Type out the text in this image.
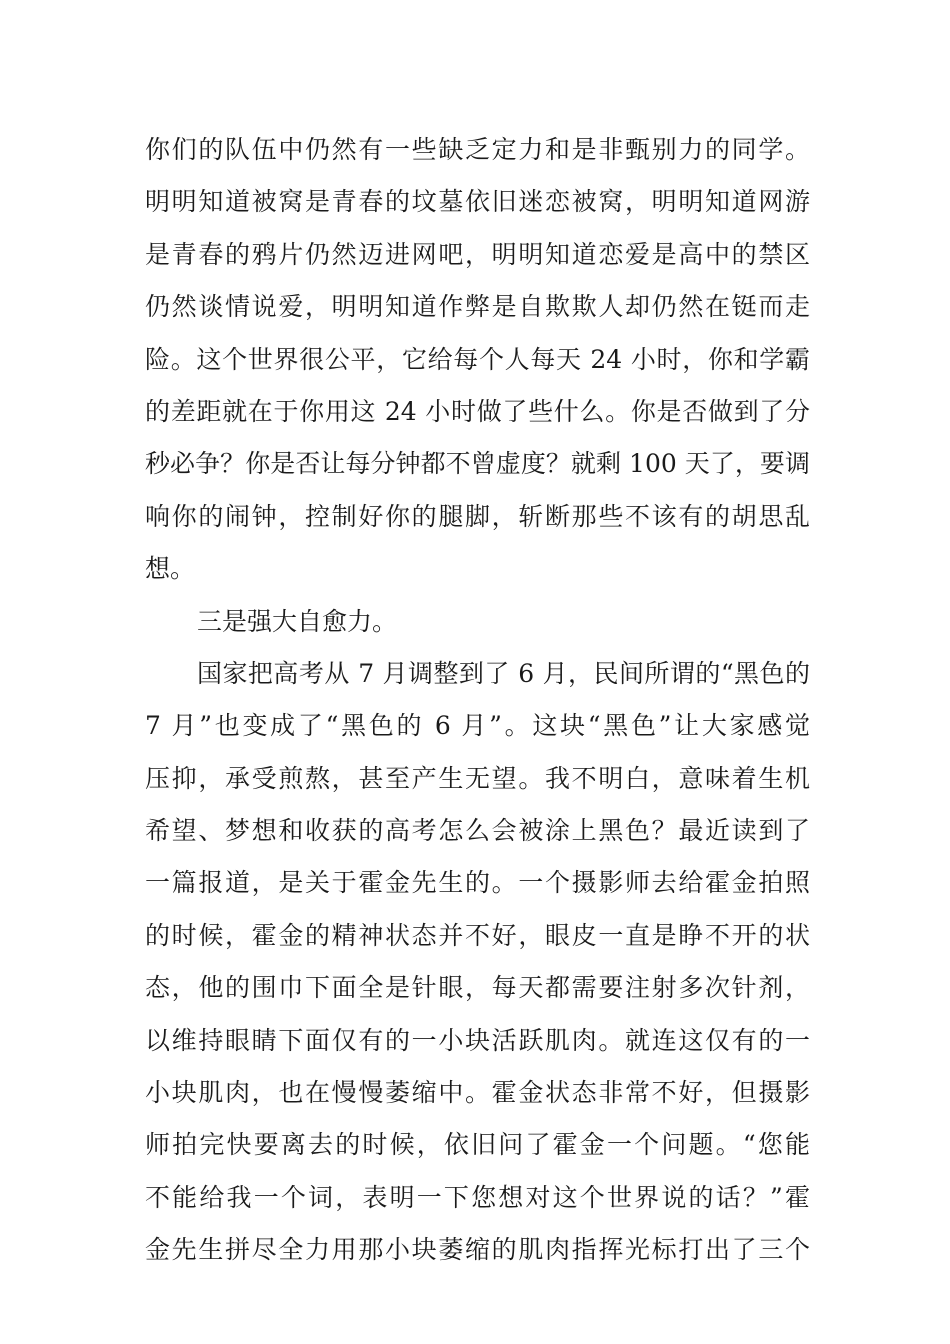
你们的队伍中仍然有一些缺乏定力和是非甄别力的同学。
明明知道被窝是青春的坟墓依旧迷恋被窝，明明知道网游
是青春的鸦片仍然迈进网吧，明明知道恋爱是高中的禁区
仍然谈情说爱，明明知道作弊是自欺欺人却仍然在铤而走
险。这个世界很公平，它给每个人每天 24 小时，你和学霸
的差距就在于你用这 24 小时做了些什么。你是否做到了分
秒必争？你是否让每分钟都不曾虚度？就剩 100 天了，要调
响你的闹钟，控制好你的腿脚，斩断那些不该有的胡思乱
想。
三是强大自愈力。
国家把高考从 7 月调整到了 6 月，民间所谓的“黑色的
7 月”也变成了“黑色的 6 月”。这块“黑色”让大家感觉
压抑，承受煎熬，甚至产生无望。我不明白，意味着生机
希望、梦想和收获的高考怎么会被涂上黑色？最近读到了
一篇报道，是关于霍金先生的。一个摄影师去给霍金拍照
的时候，霍金的精神状态并不好，眼皮一直是睁不开的状
态，他的围巾下面全是针眼，每天都需要注射多次针剂，
以维持眼睛下面仅有的一小块活跃肌肉。就连这仅有的一
小块肌肉，也在慢慢萎缩中。霍金状态非常不好，但摄影
师拍完快要离去的时候，依旧问了霍金一个问题。“您能
不能给我一个词，表明一下您想对这个世界说的话？”霍
金先生拼尽全力用那小块萎缩的肌肉指挥光标打出了三个
